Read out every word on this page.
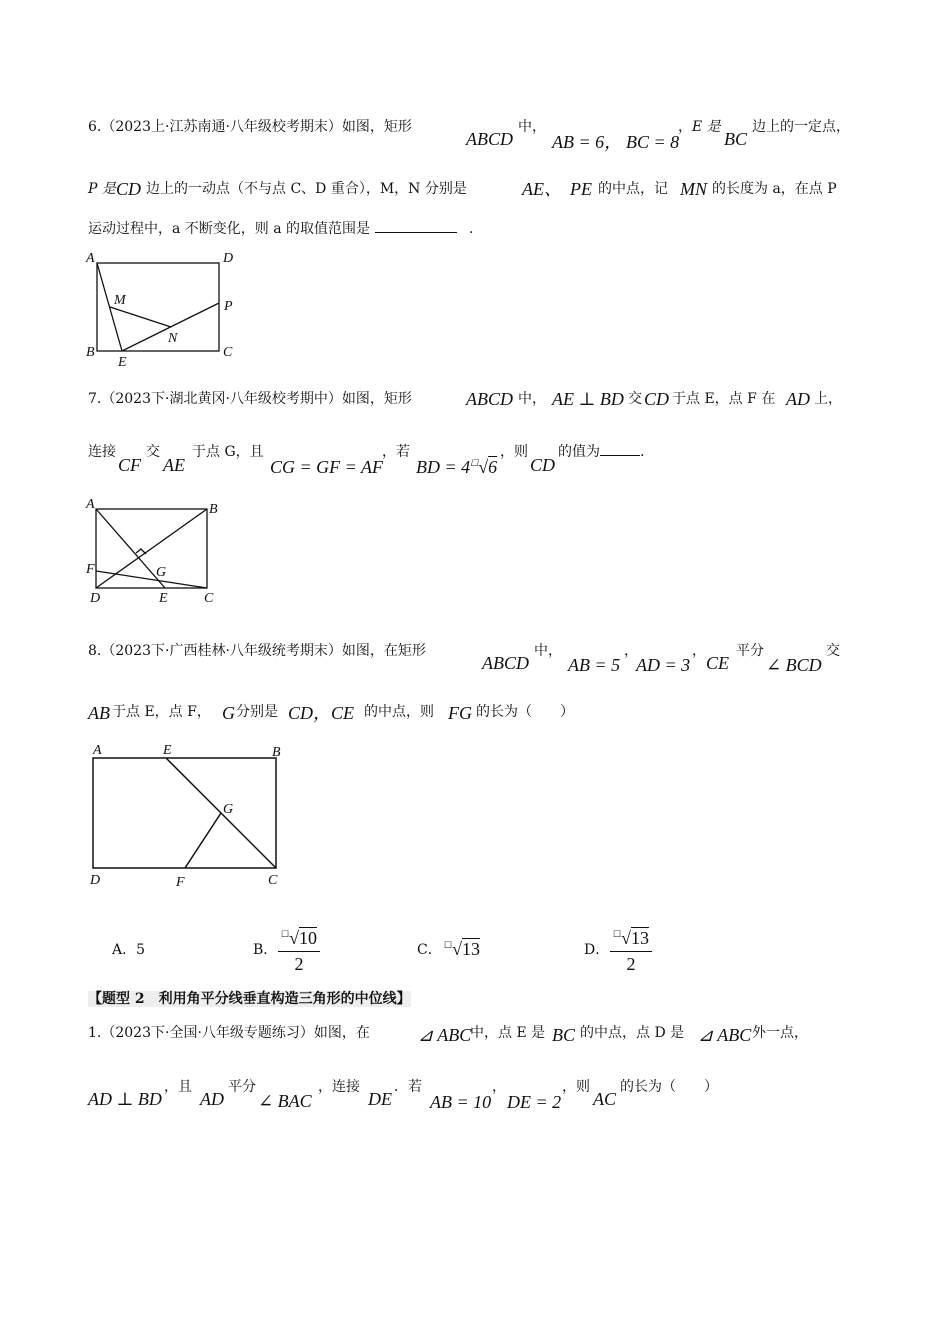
6.（2023上·江苏南通·八年级校考期末）如图，矩形
ABCD
中，
AB = 6， BC = 8
， E 是
BC
边上的一定点，
P 是 CD 边上的一动点（不与点 C、D 重合），M，N 分别是	AE、 PE 的中点，记 MN 的长度为 a，在点 P
运动过程中，a 不断变化，则 a 的取值范围是	.
A	D
M	P
N
B
E
C
7.（2023下·湖北黄冈·八年级校考期中）如图，矩形	ABCD 中， AE ⊥ BD 交 CD 于点 E，点 F 在 AD 上，
连接
CF
交
AE
于点 G，且
CG = GF = AF
，若
BD = 4☐√6
，则
CD
的值为	.
A	B
F	G
D	E	C
8.（2023下·广西桂林·八年级统考期末）如图，在矩形
ABCD
中，
AB = 5
，
AD = 3
，
CE
平分
∠ BCD
交
AB 于点 E，点 F， G 分别是 CD，CE 的中点，则 FG 的长为（　　）
A	E	B
G
D	F	C
A．5	B．
☐√10
2
C． ☐√13	D．
☐√13
2
【题型 2　利用角平分线垂直构造三角形的中位线】
1.（2023下·全国·八年级专题练习）如图，在	⊿ ABC
中，点 E 是 BC 的中点，点 D 是 ⊿ ABC 外一点，
AD ⊥ BD
，且
AD
平分
∠ BAC
，连接
DE
．若
AB = 10
，
DE = 2
，则
AC
的长为（　　）
